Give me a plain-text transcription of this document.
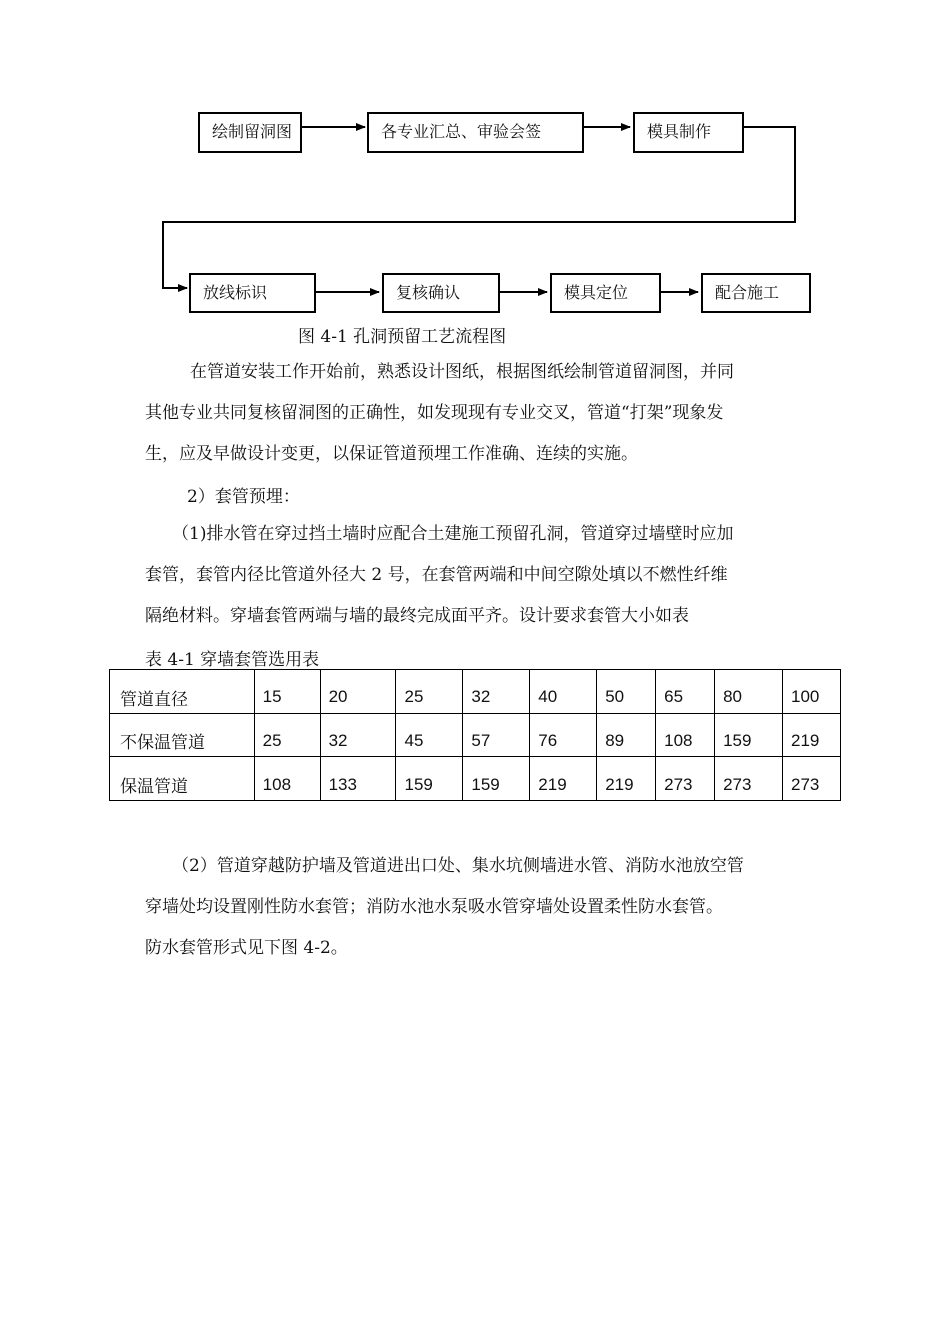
绘制留洞图	各专业汇总、审验会签	模具制作
放线标识	复核确认	模具定位	配合施工
图 4-1 孔洞预留工艺流程图
在管道安装工作开始前，熟悉设计图纸，根据图纸绘制管道留洞图，并同
其他专业共同复核留洞图的正确性，如发现现有专业交叉，管道“打架”现象发
生，应及早做设计变更，以保证管道预埋工作准确、连续的实施。
2）套管预埋：
（1)排水管在穿过挡土墙时应配合土建施工预留孔洞，管道穿过墙壁时应加
套管，套管内径比管道外径大 2 号，在套管两端和中间空隙处填以不燃性纤维
隔绝材料。穿墙套管两端与墙的最终完成面平齐。设计要求套管大小如表
表 4-1 穿墙套管选用表
管道直径	15	20	25	32	40	50	65	80	100
不保温管道	25	32	45	57	76	89	108	159	219
保温管道	108	133	159	159	219	219	273	273	273
（2）管道穿越防护墙及管道进出口处、集水坑侧墙进水管、消防水池放空管
穿墙处均设置刚性防水套管；消防水池水泵吸水管穿墙处设置柔性防水套管。
防水套管形式见下图 4-2。
